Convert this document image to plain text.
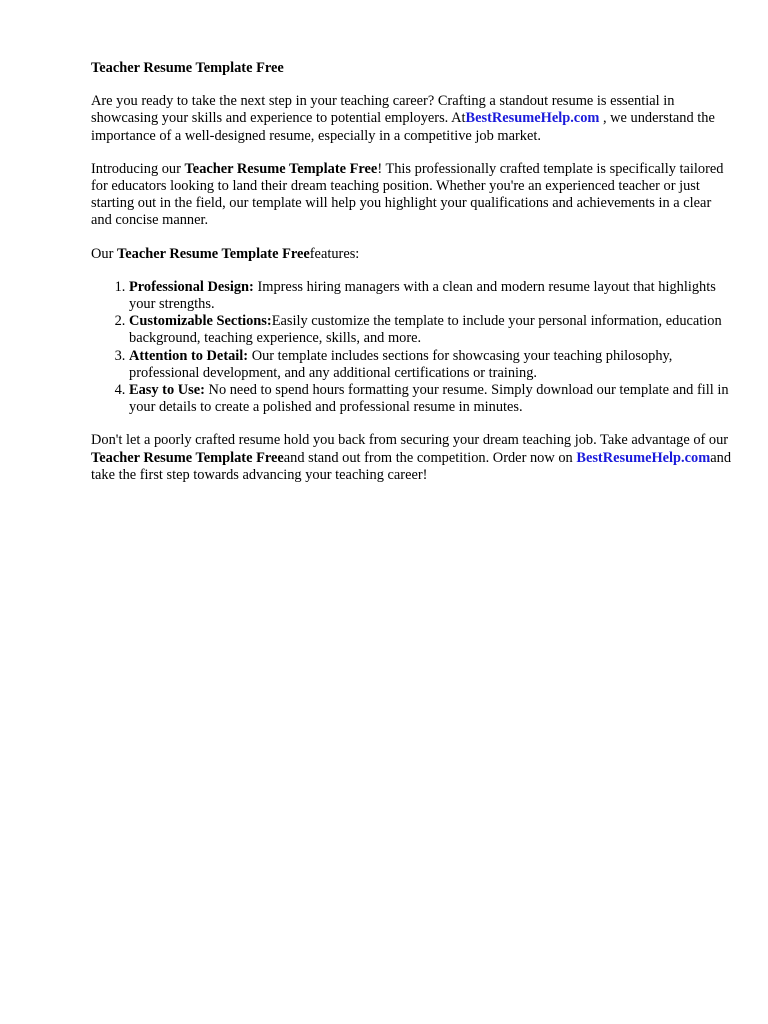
Teacher Resume Template Free

Are you ready to take the next step in your teaching career? Crafting a standout resume is essential in showcasing your skills and experience to potential employers. AtBestResumeHelp.com , we understand the importance of a well-designed resume, especially in a competitive job market.

Introducing our Teacher Resume Template Free! This professionally crafted template is specifically tailored for educators looking to land their dream teaching position. Whether you're an experienced teacher or just starting out in the field, our template will help you highlight your qualifications and achievements in a clear and concise manner.

Our Teacher Resume Template Freefeatures:

1. Professional Design: Impress hiring managers with a clean and modern resume layout that highlights your strengths.
2. Customizable Sections:Easily customize the template to include your personal information, education background, teaching experience, skills, and more.
3. Attention to Detail: Our template includes sections for showcasing your teaching philosophy, professional development, and any additional certifications or training.
4. Easy to Use: No need to spend hours formatting your resume. Simply download our template and fill in your details to create a polished and professional resume in minutes.

Don't let a poorly crafted resume hold you back from securing your dream teaching job. Take advantage of our Teacher Resume Template Freeand stand out from the competition. Order now on BestResumeHelp.comand take the first step towards advancing your teaching career!
